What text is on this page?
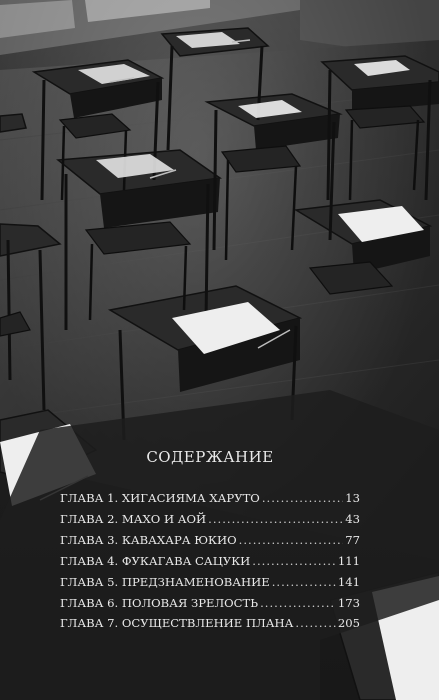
СОДЕРЖАНИЕ
ГЛАВА 1. ХИГАСИЯМА ХАРУТО .....	13
ГЛАВА 2. МАХО И АОЙ .....	43
ГЛАВА 3. КАВАХАРА ЮКИО .....	77
ГЛАВА 4. ФУКАГАВА САЦУКИ .....	111
ГЛАВА 5. ПРЕДЗНАМЕНОВАНИЕ .....	141
ГЛАВА 6. ПОЛОВАЯ ЗРЕЛОСТЬ .....	173
ГЛАВА 7. ОСУЩЕСТВЛЕНИЕ ПЛАНА .....	205
